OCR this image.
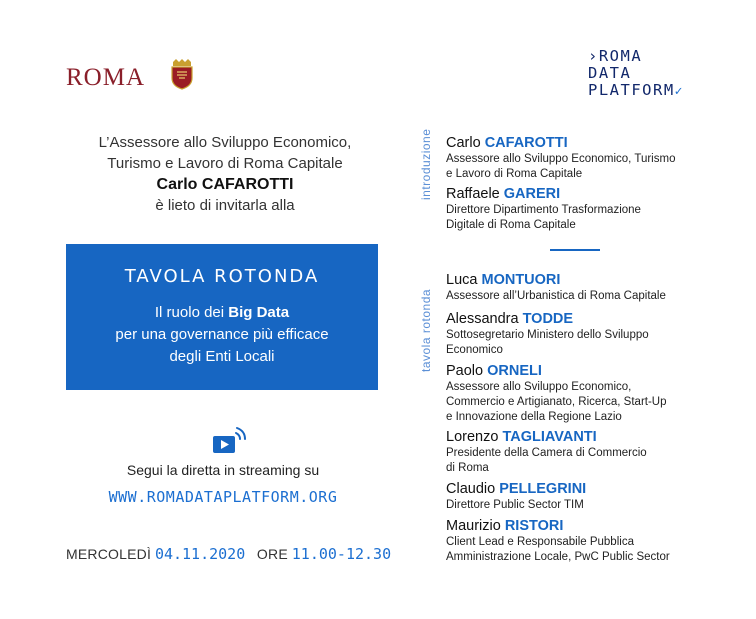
ROMA
›ROMA
DATA
PLATFORM✓
L’Assessore allo Sviluppo Economico,
Turismo e Lavoro di Roma Capitale
Carlo CAFAROTTI
è lieto di invitarla alla
TAVOLA ROTONDA
Il ruolo dei Big Data
per una governance più efficace
degli Enti Locali
Segui la diretta in streaming su
WWW.ROMADATAPLATFORM.ORG
MERCOLEDÌ 04.11.2020 ORE 11.00-12.30
introduzione
tavola rotonda
Carlo CAFAROTTI
Assessore allo Sviluppo Economico, Turismo
e Lavoro di Roma Capitale
Raffaele GARERI
Direttore Dipartimento Trasformazione
Digitale di Roma Capitale
Luca MONTUORI
Assessore all’Urbanistica di Roma Capitale
Alessandra TODDE
Sottosegretario Ministero dello Sviluppo
Economico
Paolo ORNELI
Assessore allo Sviluppo Economico,
Commercio e Artigianato, Ricerca, Start-Up
e Innovazione della Regione Lazio
Lorenzo TAGLIAVANTI
Presidente della Camera di Commercio
di Roma
Claudio PELLEGRINI
Direttore Public Sector TIM
Maurizio RISTORI
Client Lead e Responsabile Pubblica
Amministrazione Locale, PwC Public Sector
